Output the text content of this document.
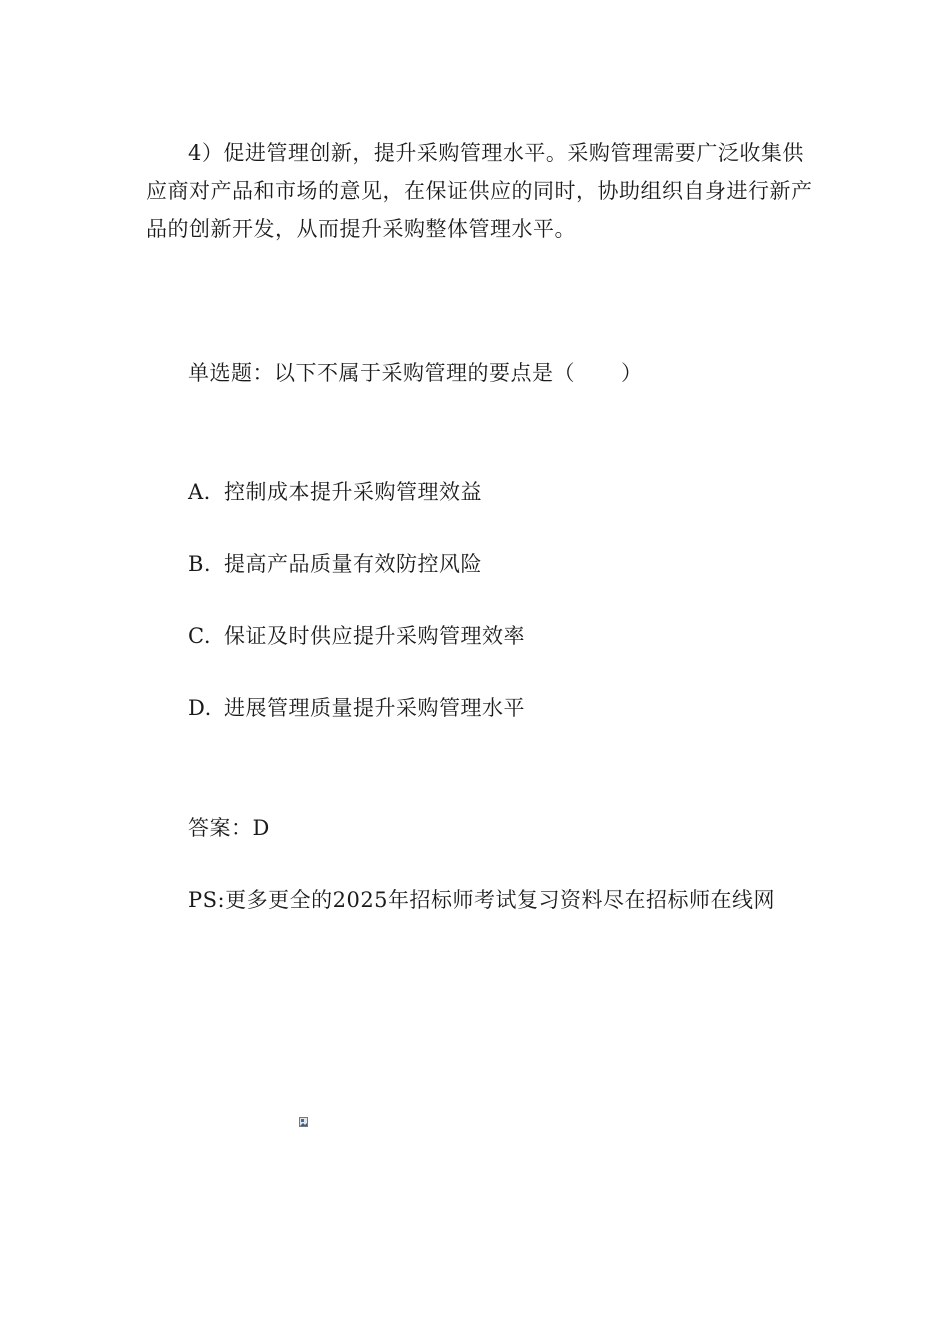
4）促进管理创新，提升采购管理水平。采购管理需要广泛收集供应商对产品和市场的意见，在保证供应的同时，协助组织自身进行新产品的创新开发，从而提升采购整体管理水平。
单选题：以下不属于采购管理的要点是（ ）
A. 控制成本提升采购管理效益
B. 提高产品质量有效防控风险
C. 保证及时供应提升采购管理效率
D. 进展管理质量提升采购管理水平
答案：D
PS:更多更全的2025年招标师考试复习资料尽在招标师在线网
